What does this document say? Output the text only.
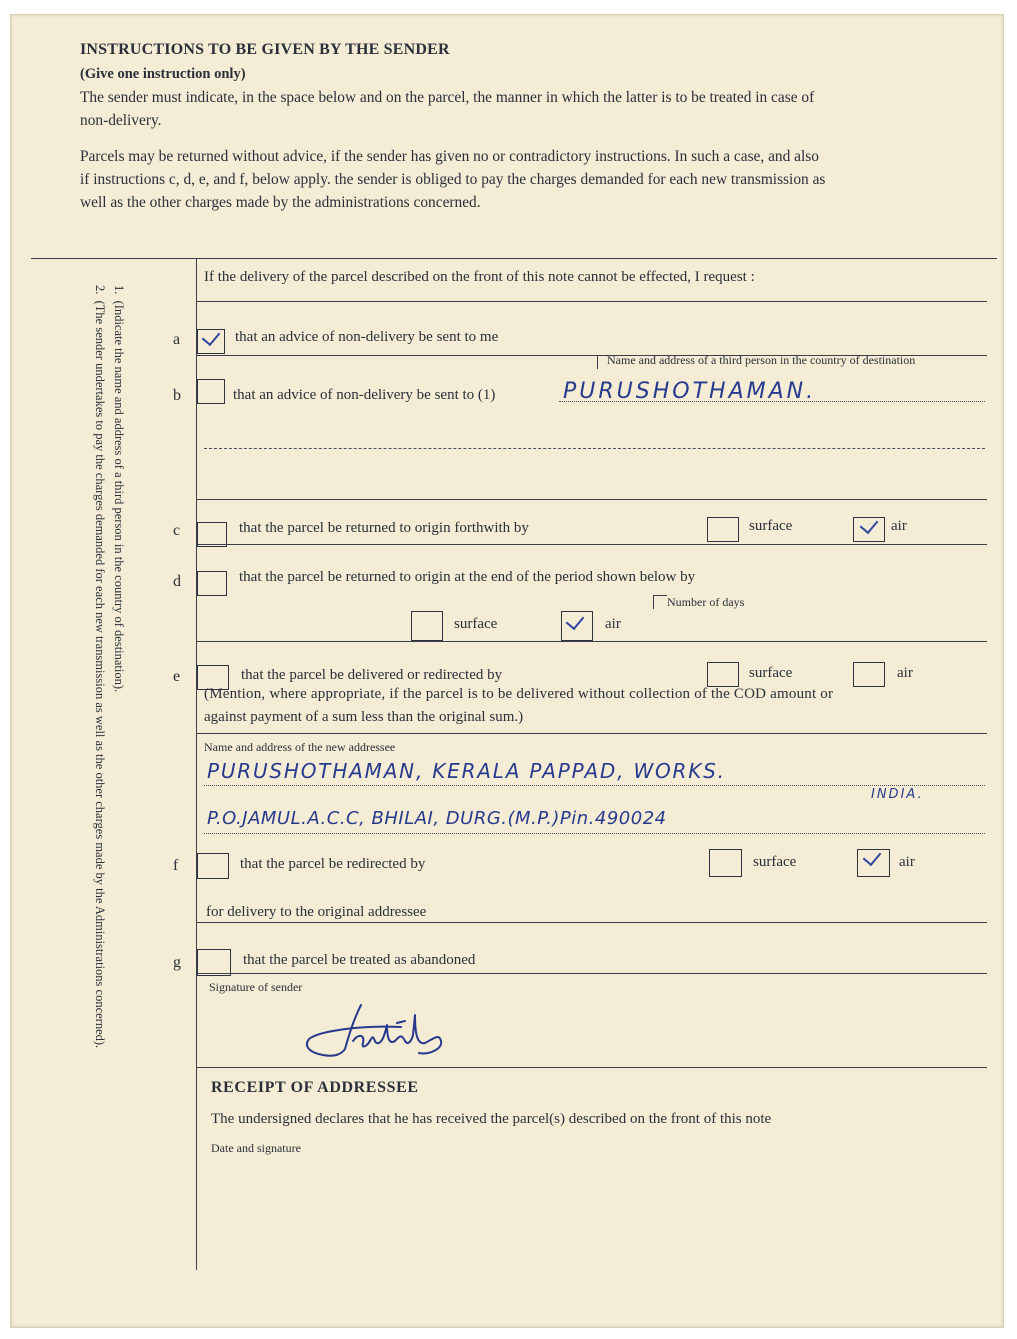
INSTRUCTIONS TO BE GIVEN BY THE SENDER
(Give one instruction only)
The sender must indicate, in the space below and on the parcel, the manner in which the latter is to be treated in case of
non-delivery.
Parcels may be returned without advice, if the sender has given no or contradictory instructions. In such a case, and also
if instructions c, d, e, and f, below apply. the sender is obliged to pay the charges demanded for each new transmission as
well as the other charges made by the administrations concerned.
1.  (Indicate the name and address of a third person in the country of destination).
2.  (The sender undertakes to pay the charges demanded for each new transmission as well as the other charges made by the Administrations concerned).
If the delivery of the parcel described on the front of this note cannot be effected, I request :
a	that an advice of non-delivery be sent to me
Name and address of a third person in the country of destination
b	that an advice of non-delivery be sent to (1)	PURUSHOTHAMAN.
c	that the parcel be returned to origin forthwith by	surface	air
d	that the parcel be returned to origin at the end of the period shown below by
Number of days
surface	air
e	that the parcel be delivered or redirected by	surface	air
(Mention, where appropriate, if the parcel is to be delivered without collection of the COD amount or
against payment of a sum less than the original sum.)
Name and address of the new addressee
PURUSHOTHAMAN, KERALA PAPPAD, WORKS.
INDIA.
P.O.JAMUL.A.C.C, BHILAI, DURG.(M.P.)Pin.490024
f	that the parcel be redirected by	surface	air
for delivery to the original addressee
g	that the parcel be treated as abandoned
Signature of sender
RECEIPT OF ADDRESSEE
The undersigned declares that he has received the parcel(s) described on the front of this note
Date and signature
